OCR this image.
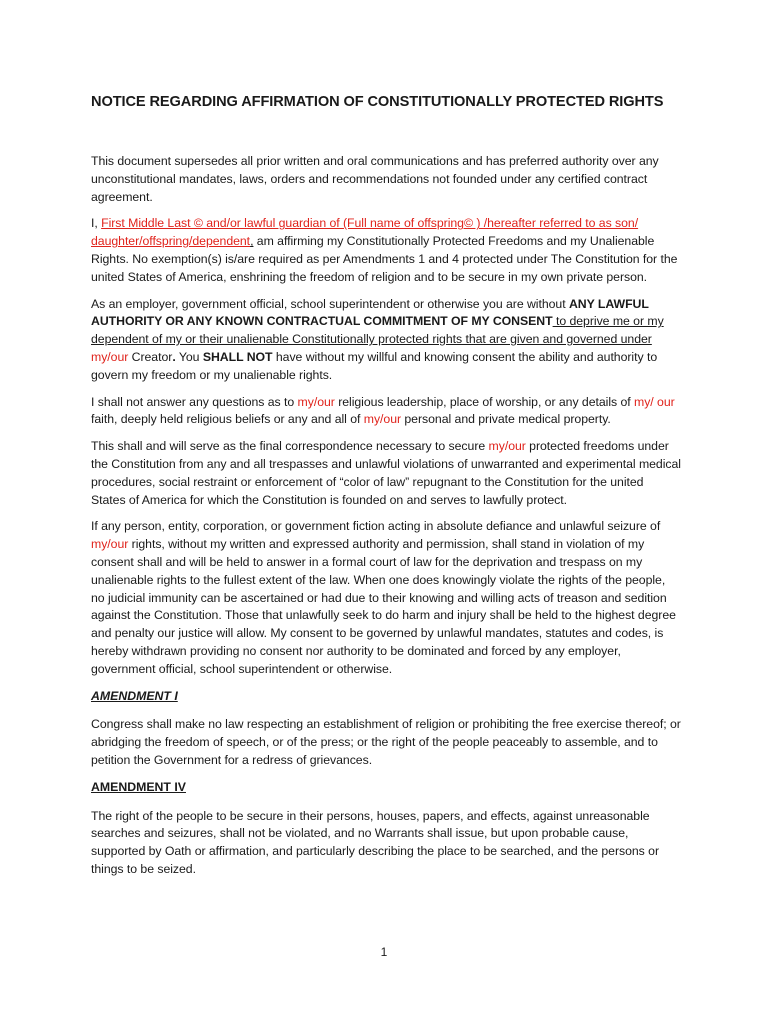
NOTICE REGARDING AFFIRMATION OF CONSTITUTIONALLY PROTECTED RIGHTS

This document supersedes all prior written and oral communications and has preferred authority over any unconstitutional mandates, laws, orders and recommendations not founded under any certified contract agreement.

I, First Middle Last © and/or lawful guardian of (Full name of offspring© ) /hereafter referred to as son/ daughter/offspring/dependent, am affirming my Constitutionally Protected Freedoms and my Unalienable Rights. No exemption(s) is/are required as per Amendments 1 and 4 protected under The Constitution for the united States of America, enshrining the freedom of religion and to be secure in my own private person.

As an employer, government official, school superintendent or otherwise you are without ANY LAWFUL AUTHORITY OR ANY KNOWN CONTRACTUAL COMMITMENT OF MY CONSENT to deprive me or my dependent of my or their unalienable Constitutionally protected rights that are given and governed under my/our Creator. You SHALL NOT have without my willful and knowing consent the ability and authority to govern my freedom or my unalienable rights.

I shall not answer any questions as to my/our religious leadership, place of worship, or any details of my/ our faith, deeply held religious beliefs or any and all of my/our personal and private medical property.

This shall and will serve as the final correspondence necessary to secure my/our protected freedoms under the Constitution from any and all trespasses and unlawful violations of unwarranted and experimental medical procedures, social restraint or enforcement of “color of law” repugnant to the Constitution for the united States of America for which the Constitution is founded on and serves to lawfully protect.

If any person, entity, corporation, or government fiction acting in absolute defiance and unlawful seizure of my/our rights, without my written and expressed authority and permission, shall stand in violation of my consent shall and will be held to answer in a formal court of law for the deprivation and trespass on my unalienable rights to the fullest extent of the law. When one does knowingly violate the rights of the people, no judicial immunity can be ascertained or had due to their knowing and willing acts of treason and sedition against the Constitution. Those that unlawfully seek to do harm and injury shall be held to the highest degree and penalty our justice will allow. My consent to be governed by unlawful mandates, statutes and codes, is hereby withdrawn providing no consent nor authority to be dominated and forced by any employer, government official, school superintendent or otherwise.

AMENDMENT I

Congress shall make no law respecting an establishment of religion or prohibiting the free exercise thereof; or abridging the freedom of speech, or of the press; or the right of the people peaceably to assemble, and to petition the Government for a redress of grievances.

AMENDMENT IV

The right of the people to be secure in their persons, houses, papers, and effects, against unreasonable searches and seizures, shall not be violated, and no Warrants shall issue, but upon probable cause, supported by Oath or affirmation, and particularly describing the place to be searched, and the persons or things to be seized.

1
